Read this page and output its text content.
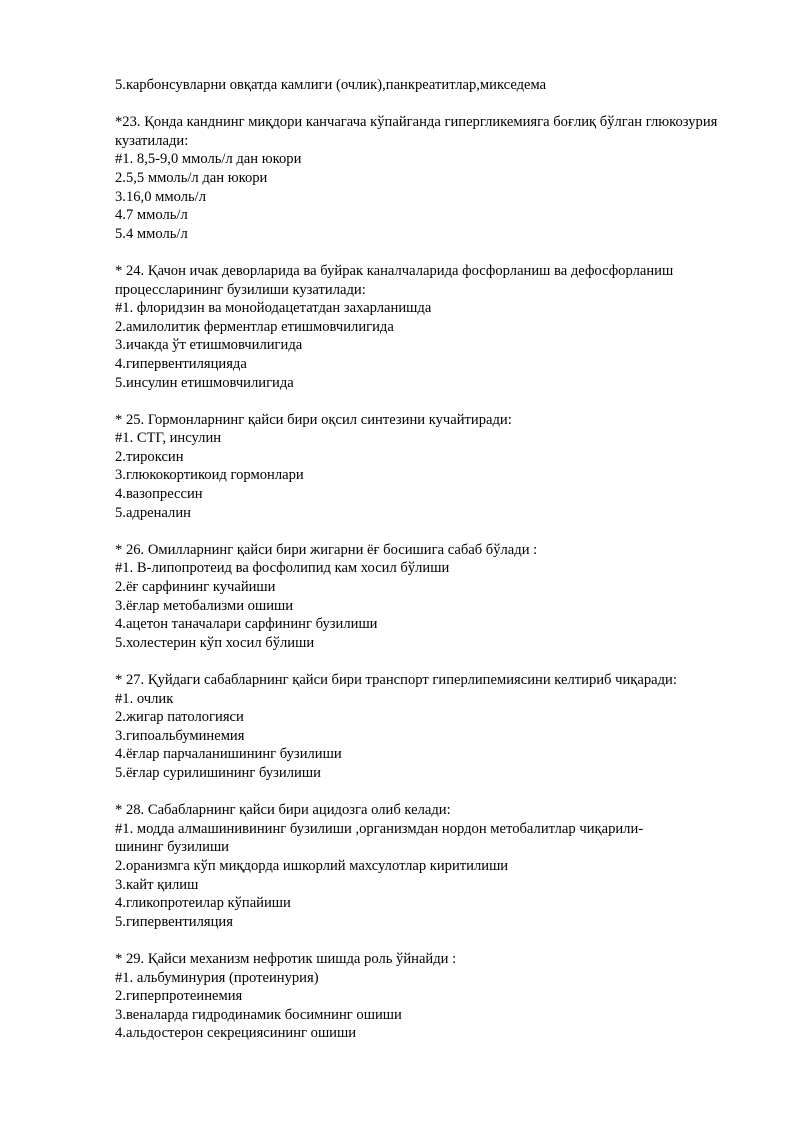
5.карбонсувларни овқатда камлиги (очлик),панкреатитлар,микседема
*23. Қонда канднинг миқдори канчагача кўпайганда гипергликемияга боғлиқ бўлган глюкозурия кузатилади:
#1. 8,5-9,0 ммоль/л дан юкори
2.5,5 ммоль/л дан юкори
3.16,0 ммоль/л
4.7 ммоль/л
5.4 ммоль/л
* 24. Қачон ичак деворларида ва буйрак каналчаларида фосфорланиш ва дефосфорланиш процессларининг бузилиши кузатилади:
#1. флоридзин ва монойодацетатдан захарланишда
2.амилолитик ферментлар етишмовчилигида
3.ичакда ўт етишмовчилигида
4.гипервентиляцияда
5.инсулин етишмовчилигида
* 25. Гормонларнинг қайси бири оқсил синтезини кучайтиради:
#1. СТГ, инсулин
2.тироксин
3.глюкокортикоид гормонлари
4.вазопрессин
5.адреналин
* 26. Омилларнинг қайси бири жигарни ёғ босишига сабаб бўлади :
#1. B-липопротеид ва фосфолипид кам хосил бўлиши
2.ёғ сарфининг кучайиши
3.ёғлар метобализми ошиши
4.ацетон таначалари сарфининг бузилиши
5.холестерин кўп хосил бўлиши
* 27. Қуйдаги сабабларнинг қайси бири транспорт гиперлипемиясини келтириб чиқаради:
#1. очлик
2.жигар патологияси
3.гипоальбуминемия
4.ёғлар парчаланишининг бузилиши
5.ёғлар сурилишининг бузилиши
* 28. Сабабларнинг қайси бири ацидозга олиб келади:
#1. модда алмашинивининг бузилиши ,организмдан нордон метобалитлар чиқарили-
шининг бузилиши
2.оранизмга кўп миқдорда ишкорлий махсулотлар киритилиши
3.кайт қилиш
4.гликопротеилар кўпайиши
5.гипервентиляция
* 29. Қайси механизм нефротик шишда роль ўйнайди :
#1. альбуминурия (протеинурия)
2.гиперпротеинемия
3.веналарда гидродинамик босимнинг ошиши
4.альдостерон секрециясининг ошиши
